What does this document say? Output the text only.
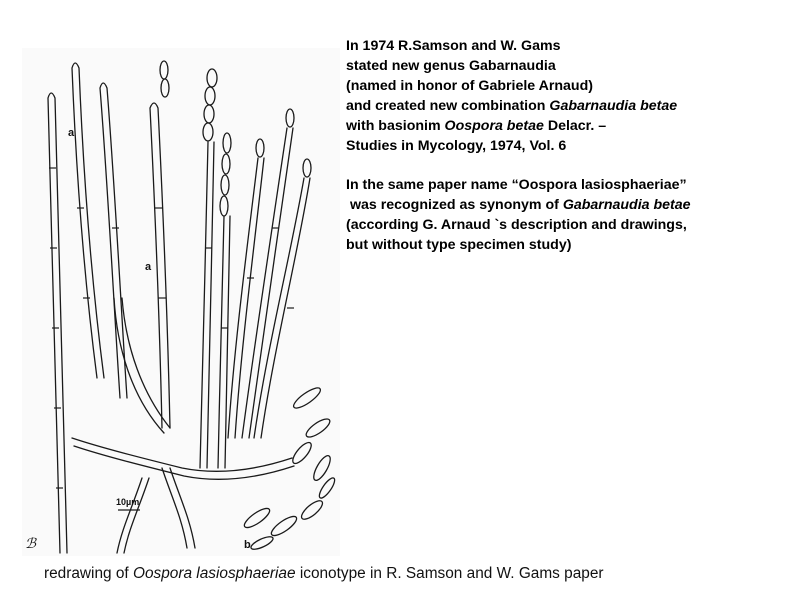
a
a
b
10µm
ℬ

In 1974 R.Samson and W. Gams
stated new genus Gabarnaudia
(named in honor of Gabriele Arnaud)
and created new combination Gabarnaudia betae
with basionim Oospora betae Delacr. –
Studies in Mycology, 1974, Vol. 6

In the same paper name “Oospora lasiosphaeriae”
was recognized as synonym of Gabarnaudia betae
(according G. Arnaud `s description and drawings,
but without type specimen study)

redrawing of Oospora lasiosphaeriae iconotype in R. Samson and W. Gams paper
